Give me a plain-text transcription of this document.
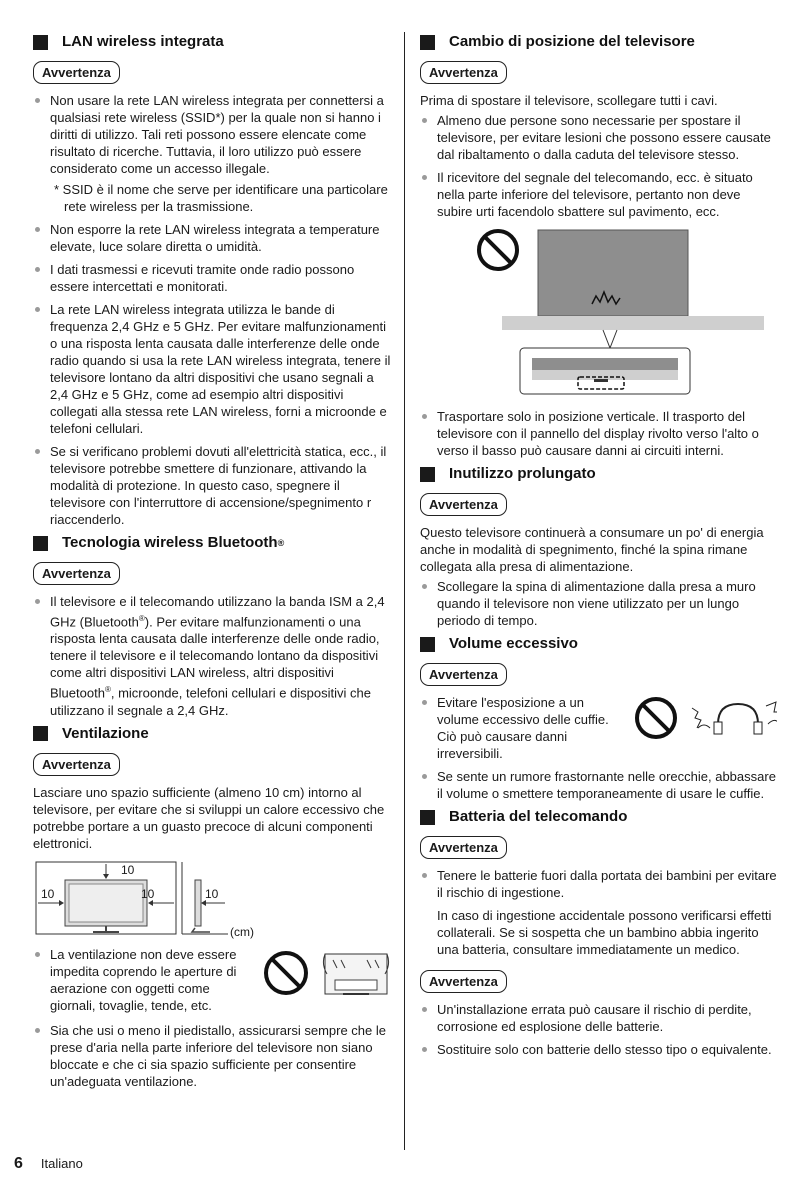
LAN wireless integrata
Avvertenza
Non usare la rete LAN wireless integrata per connettersi a qualsiasi rete wireless (SSID*) per la quale non si hanno i diritti di utilizzo. Tali reti possono essere elencate come risultato di ricerche. Tuttavia, il loro utilizzo può essere considerato come un accesso illegale.
* SSID è il nome che serve per identificare una particolare rete wireless per la trasmissione.
Non esporre la rete LAN wireless integrata a temperature elevate, luce solare diretta o umidità.
I dati trasmessi e ricevuti tramite onde radio possono essere intercettati e monitorati.
La rete LAN wireless integrata utilizza le bande di frequenza 2,4 GHz e 5 GHz. Per evitare malfunzionamenti o una risposta lenta causata dalle interferenze delle onde radio quando si usa la rete LAN wireless integrata, tenere il televisore lontano da altri dispositivi che usano segnali a 2,4 GHz e 5 GHz, come ad esempio altri dispositivi collegati alla stessa rete LAN wireless, forni a microonde e telefoni cellulari.
Se si verificano problemi dovuti all'elettricità statica, ecc., il televisore potrebbe smettere di funzionare, attivando la modalità di protezione. In questo caso, spegnere il televisore con l'interruttore di accensione/spegnimento r riaccenderlo.
Tecnologia wireless Bluetooth ®
Avvertenza
Il televisore e il telecomando utilizzano la banda ISM a 2,4 GHz (Bluetooth®). Per evitare malfunzionamenti o una risposta lenta causata dalle interferenze delle onde radio, tenere il televisore e il telecomando lontano da dispositivi come altri dispositivi LAN wireless, altri dispositivi Bluetooth®, microonde, telefoni cellulari e dispositivi che utilizzano il segnale a 2,4 GHz.
Ventilazione
Avvertenza

Lasciare uno spazio sufficiente (almeno 10 cm) intorno al televisore, per evitare che si sviluppi un calore eccessivo che potrebbe portare a un guasto precoce di alcuni componenti elettronici.

10
10	10	10
(cm)
La ventilazione non deve essere impedita coprendo le aperture di aerazione con oggetti come giornali, tovaglie, tende, etc.
Sia che usi o meno il piedistallo, assicurarsi sempre che le prese d'aria nella parte inferiore del televisore non siano bloccate e che ci sia spazio sufficiente per consentire un'adeguata ventilazione.
Cambio di posizione del televisore
Avvertenza

Prima di spostare il televisore, scollegare tutti i cavi.

Almeno due persone sono necessarie per spostare il televisore, per evitare lesioni che possono essere causate dal ribaltamento o dalla caduta del televisore stesso.
Il ricevitore del segnale del telecomando, ecc. è situato nella parte inferiore del televisore, pertanto non deve subire urti facendolo sbattere sul pavimento, ecc.
Trasportare solo in posizione verticale. Il trasporto del televisore con il pannello del display rivolto verso l'alto o verso il basso può causare danni ai circuiti interni.
Inutilizzo prolungato
Avvertenza

Questo televisore continuerà a consumare un po' di energia anche in modalità di spegnimento, finché la spina rimane collegata alla presa di alimentazione.

Scollegare la spina di alimentazione dalla presa a muro quando il televisore non viene utilizzato per un lungo periodo di tempo.
Volume eccessivo
Avvertenza
Evitare l'esposizione a un volume eccessivo delle cuffie. Ciò può causare danni irreversibili.
Se sente un rumore frastornante nelle orecchie, abbassare il volume o smettere temporaneamente di usare le cuffie.
Batteria del telecomando
Avvertenza
Tenere le batterie fuori dalla portata dei bambini per evitare il rischio di ingestione.
In caso di ingestione accidentale possono verificarsi effetti collaterali. Se si sospetta che un bambino abbia ingerito una batteria, consultare immediatamente un medico.
Avvertenza
Un'installazione errata può causare il rischio di perdite, corrosione ed esplosione delle batterie.
Sostituire solo con batterie dello stesso tipo o equivalente.
6 Italiano
